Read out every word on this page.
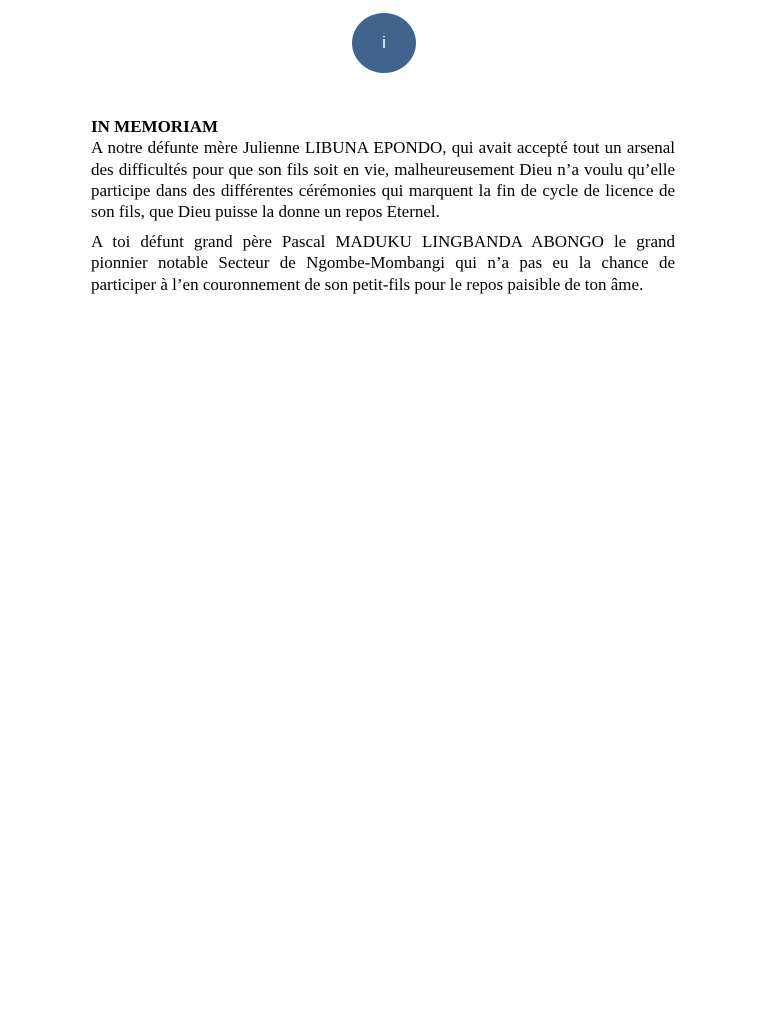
i

IN MEMORIAM

A notre défunte mère Julienne LIBUNA EPONDO, qui avait accepté tout un arsenal des difficultés pour que son fils soit en vie, malheureusement Dieu n’a voulu qu’elle participe dans des différentes cérémonies qui marquent la fin de cycle de licence de son fils, que Dieu puisse la donne un repos Eternel.

A toi défunt grand père Pascal MADUKU LINGBANDA ABONGO le grand pionnier notable Secteur de Ngombe-Mombangi qui n’a pas eu la chance de participer à l’en couronnement de son petit-fils pour le repos paisible de ton âme.
